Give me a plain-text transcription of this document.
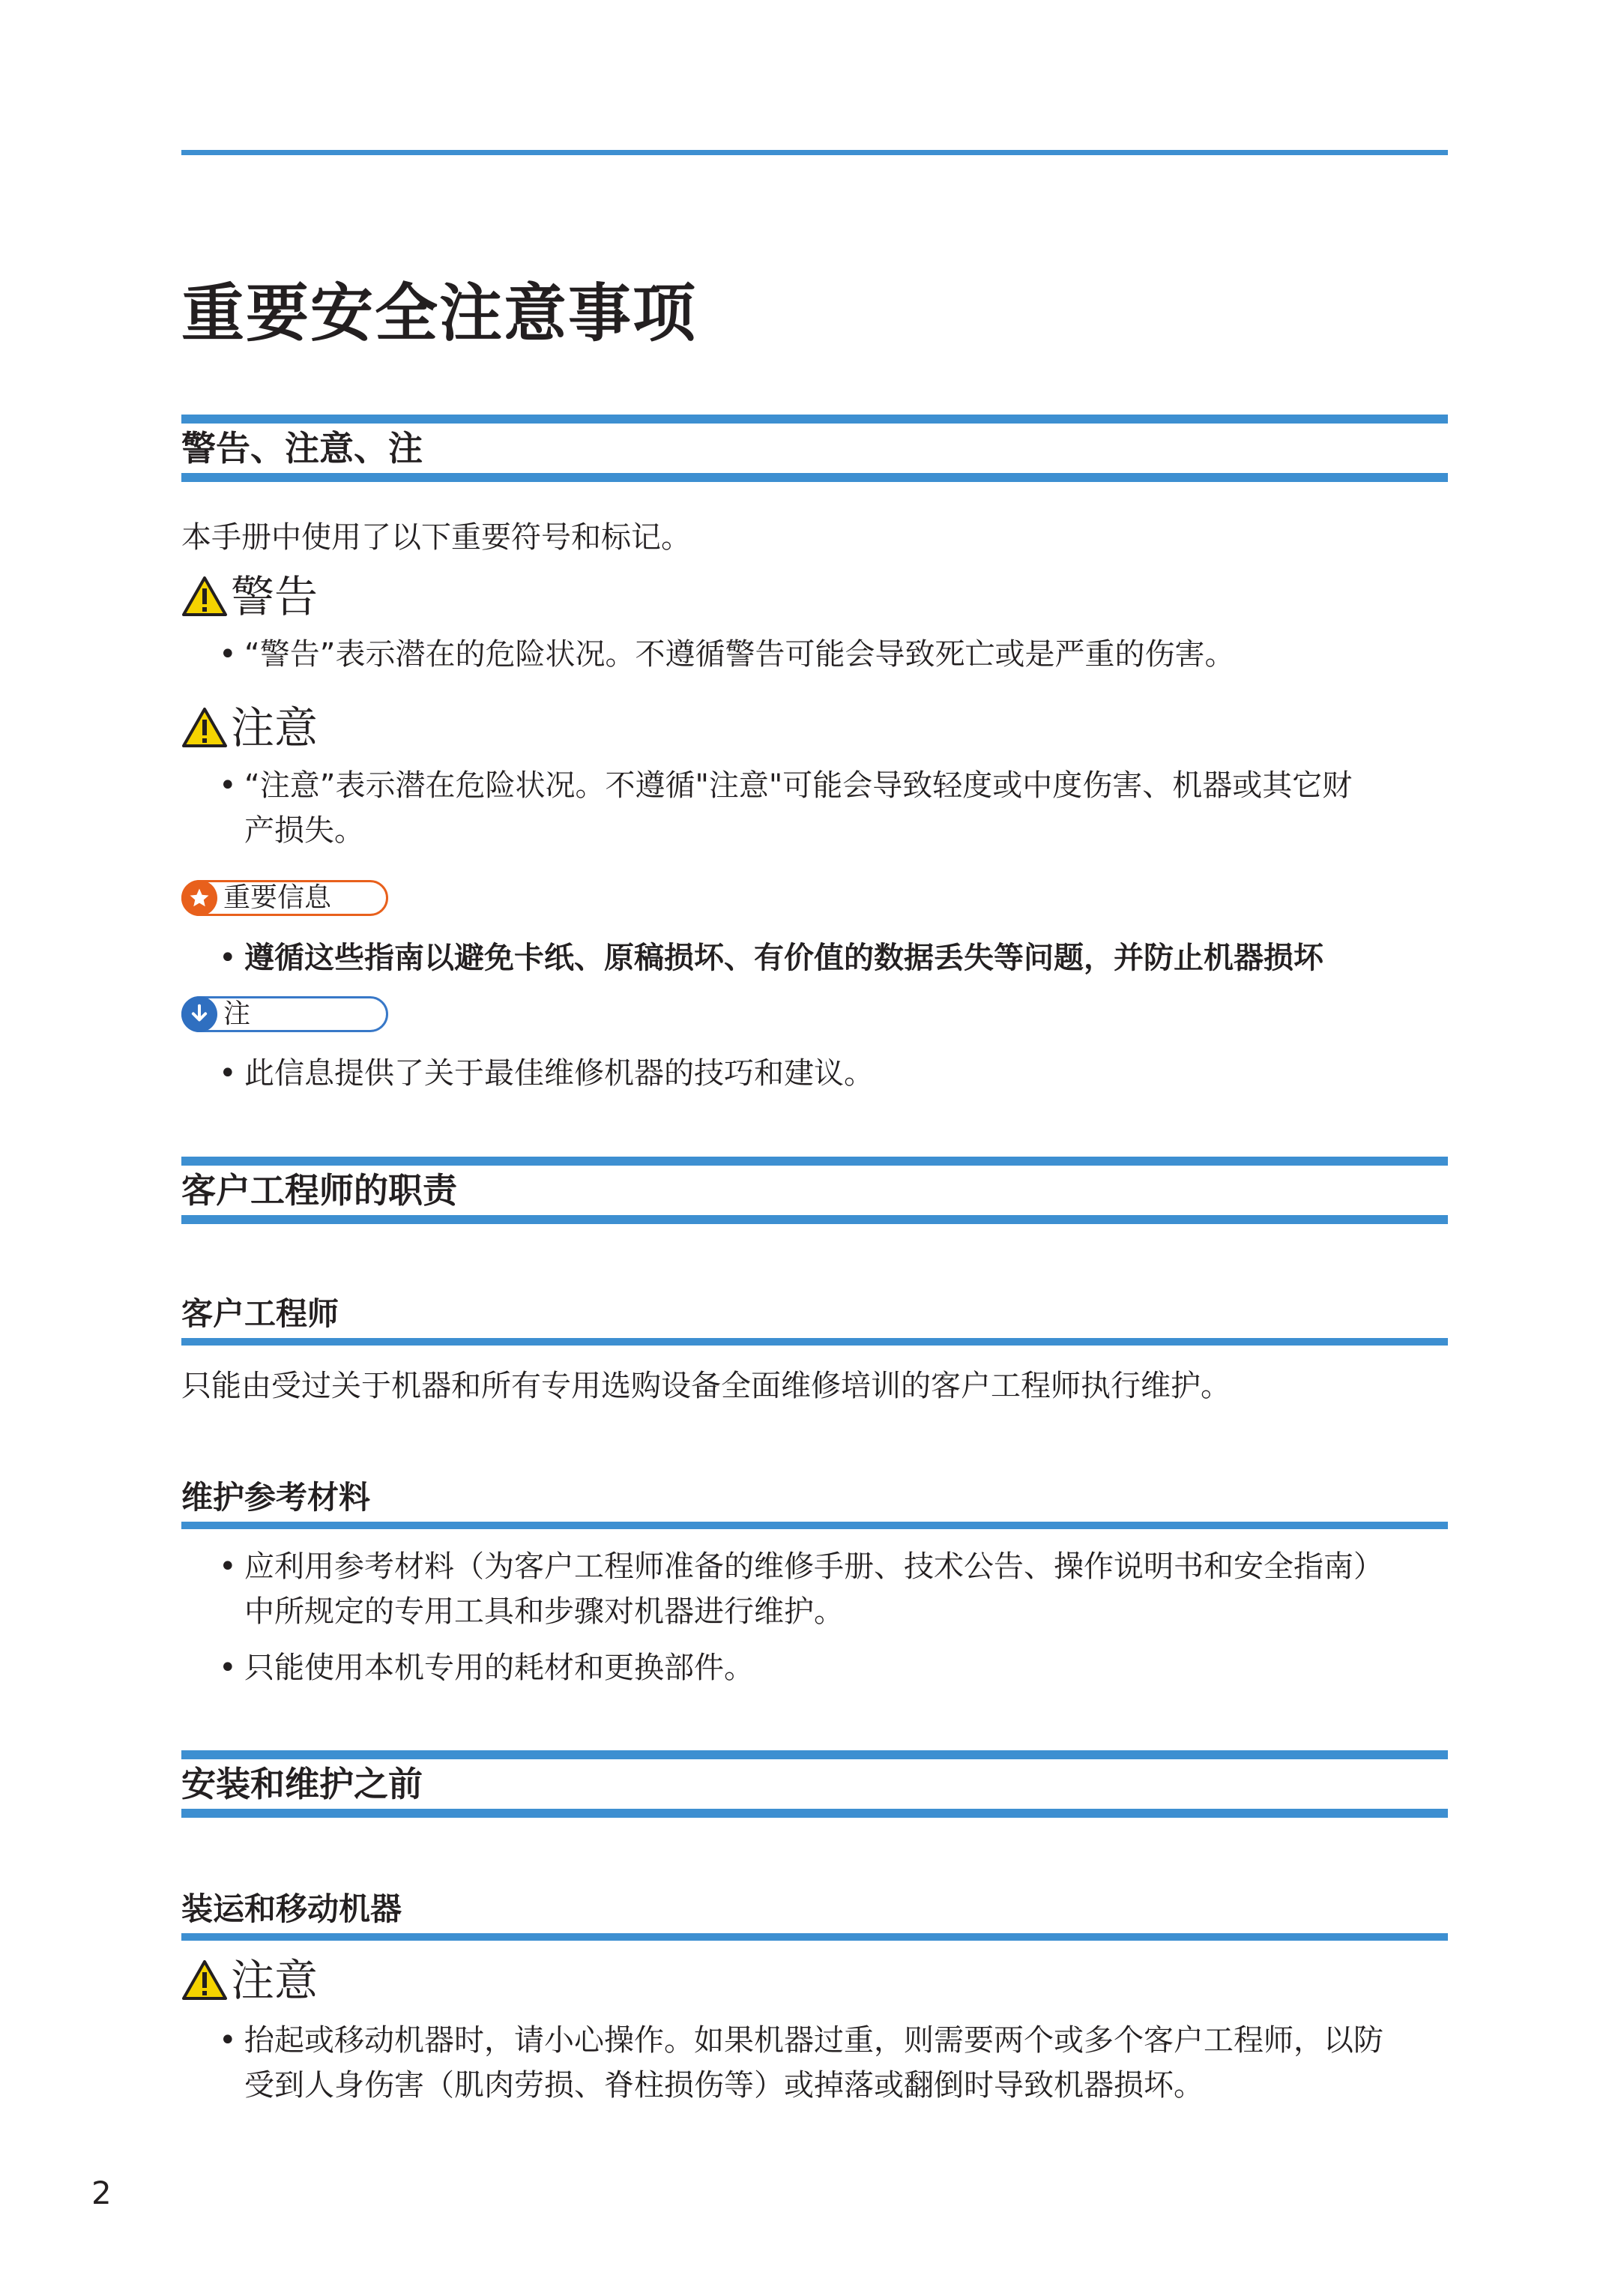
重要安全注意事项
警告、注意、注
本手册中使用了以下重要符号和标记。
警告
• “警告”表示潜在的危险状况。不遵循警告可能会导致死亡或是严重的伤害。
注意
• “注意”表示潜在危险状况。不遵循"注意"可能会导致轻度或中度伤害、机器或其它财
产损失。
重要信息
• 遵循这些指南以避免卡纸、原稿损坏、有价值的数据丢失等问题，并防止机器损坏
注
• 此信息提供了关于最佳维修机器的技巧和建议。
客户工程师的职责
客户工程师
只能由受过关于机器和所有专用选购设备全面维修培训的客户工程师执行维护。
维护参考材料
• 应利用参考材料（为客户工程师准备的维修手册、技术公告、操作说明书和安全指南）
中所规定的专用工具和步骤对机器进行维护。
• 只能使用本机专用的耗材和更换部件。
安装和维护之前
装运和移动机器
注意
• 抬起或移动机器时，请小心操作。如果机器过重，则需要两个或多个客户工程师，以防
受到人身伤害（肌肉劳损、脊柱损伤等）或掉落或翻倒时导致机器损坏。
2
